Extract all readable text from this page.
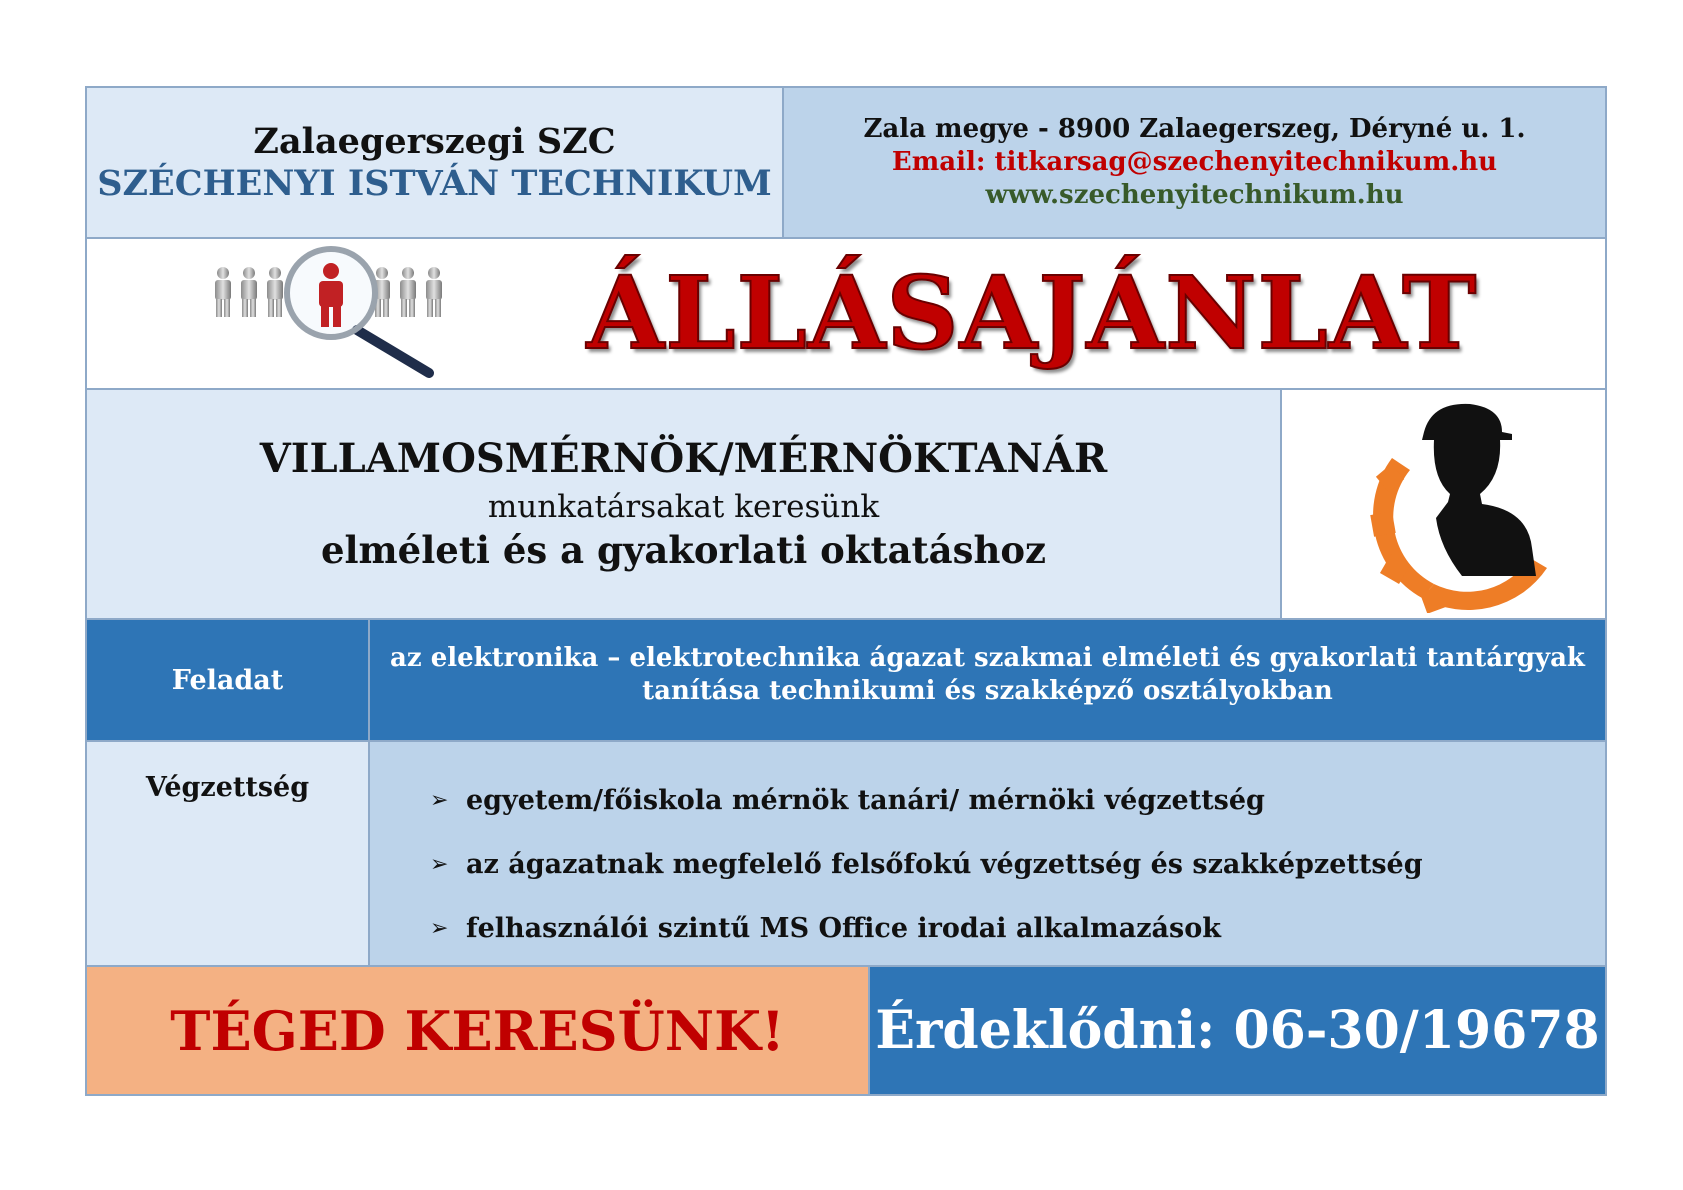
Zalaegerszegi SZC
SZÉCHENYI ISTVÁN TECHNIKUM
Zala megye - 8900 Zalaegerszeg, Déryné u. 1.
Email: titkarsag@szechenyitechnikum.hu
www.szechenyitechnikum.hu
ÁLLÁSAJÁNLAT
VILLAMOSMÉRNÖK/MÉRNÖKTANÁR
munkatársakat keresünk
elméleti és a gyakorlati oktatáshoz
Feladat
az elektronika – elektrotechnika ágazat szakmai elméleti és gyakorlati tantárgyak
tanítása technikumi és szakképző osztályokban
Végzettség	➢ egyetem/főiskola mérnök tanári/ mérnöki végzettség
➢ az ágazatnak megfelelő felsőfokú végzettség és szakképzettség
➢ felhasználói szintű MS Office irodai alkalmazások
TÉGED KERESÜNK!	Érdeklődni: 06-30/19678
